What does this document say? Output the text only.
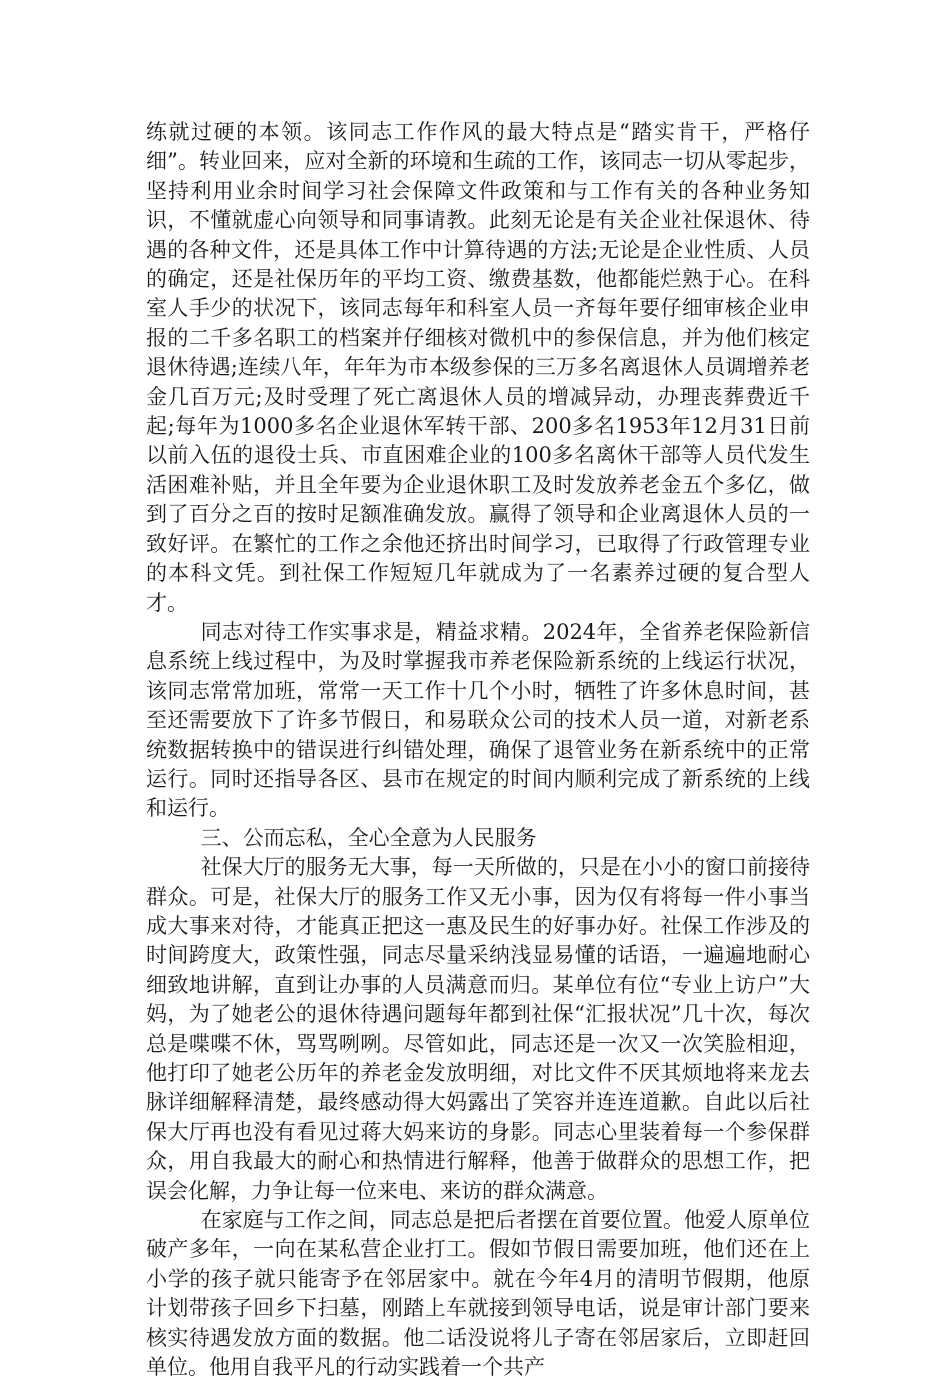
练就过硬的本领。该同志工作作风的最大特点是“踏实肯干，严格仔细”。转业回来，应对全新的环境和生疏的工作，该同志一切从零起步，坚持利用业余时间学习社会保障文件政策和与工作有关的各种业务知识，不懂就虚心向领导和同事请教。此刻无论是有关企业社保退休、待遇的各种文件，还是具体工作中计算待遇的方法;无论是企业性质、人员的确定，还是社保历年的平均工资、缴费基数，他都能烂熟于心。在科室人手少的状况下，该同志每年和科室人员一齐每年要仔细审核企业申报的二千多名职工的档案并仔细核对微机中的参保信息，并为他们核定退休待遇;连续八年，年年为市本级参保的三万多名离退休人员调增养老金几百万元;及时受理了死亡离退休人员的增减异动，办理丧葬费近千起;每年为1000多名企业退休军转干部、200多名1953年12月31日前以前入伍的退役士兵、市直困难企业的100多名离休干部等人员代发生活困难补贴，并且全年要为企业退休职工及时发放养老金五个多亿，做到了百分之百的按时足额准确发放。赢得了领导和企业离退休人员的一致好评。在繁忙的工作之余他还挤出时间学习，已取得了行政管理专业的本科文凭。到社保工作短短几年就成为了一名素养过硬的复合型人才。

同志对待工作实事求是，精益求精。2024年，全省养老保险新信息系统上线过程中，为及时掌握我市养老保险新系统的上线运行状况，该同志常常加班，常常一天工作十几个小时，牺牲了许多休息时间，甚至还需要放下了许多节假日，和易联众公司的技术人员一道，对新老系统数据转换中的错误进行纠错处理，确保了退管业务在新系统中的正常运行。同时还指导各区、县市在规定的时间内顺利完成了新系统的上线和运行。

三、公而忘私，全心全意为人民服务

社保大厅的服务无大事，每一天所做的，只是在小小的窗口前接待群众。可是，社保大厅的服务工作又无小事，因为仅有将每一件小事当成大事来对待，才能真正把这一惠及民生的好事办好。社保工作涉及的时间跨度大，政策性强，同志尽量采纳浅显易懂的话语，一遍遍地耐心细致地讲解，直到让办事的人员满意而归。某单位有位“专业上访户”大妈，为了她老公的退休待遇问题每年都到社保“汇报状况”几十次，每次总是喋喋不休，骂骂咧咧。尽管如此，同志还是一次又一次笑脸相迎，他打印了她老公历年的养老金发放明细，对比文件不厌其烦地将来龙去脉详细解释清楚，最终感动得大妈露出了笑容并连连道歉。自此以后社保大厅再也没有看见过蒋大妈来访的身影。同志心里装着每一个参保群众，用自我最大的耐心和热情进行解释，他善于做群众的思想工作，把误会化解，力争让每一位来电、来访的群众满意。

在家庭与工作之间，同志总是把后者摆在首要位置。他爱人原单位破产多年，一向在某私营企业打工。假如节假日需要加班，他们还在上小学的孩子就只能寄予在邻居家中。就在今年4月的清明节假期，他原计划带孩子回乡下扫墓，刚踏上车就接到领导电话，说是审计部门要来核实待遇发放方面的数据。他二话没说将儿子寄在邻居家后，立即赶回单位。他用自我平凡的行动实践着一个共产
